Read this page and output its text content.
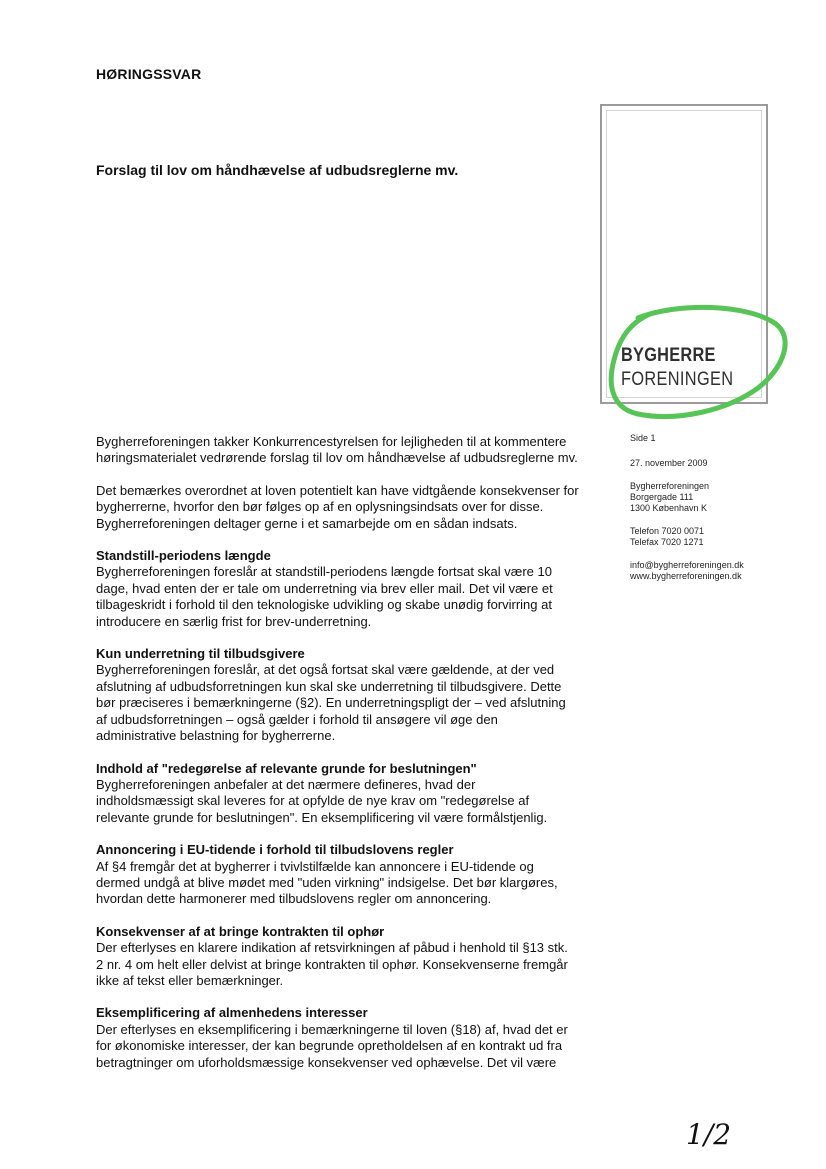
HØRINGSSVAR
Forslag til lov om håndhævelse af udbudsreglerne mv.
BYGHERRE
FORENINGEN
Side 1
27. november 2009
Bygherreforeningen
Borgergade 111
1300 København K
Telefon 7020 0071
Telefax 7020 1271
info@bygherreforeningen.dk
www.bygherreforeningen.dk

Bygherreforeningen takker Konkurrencestyrelsen for lejligheden til at kommentere
høringsmaterialet vedrørende forslag til lov om håndhævelse af udbudsreglerne mv.

Det bemærkes overordnet at loven potentielt kan have vidtgående konsekvenser for
bygherrerne, hvorfor den bør følges op af en oplysningsindsats over for disse.
Bygherreforeningen deltager gerne i et samarbejde om en sådan indsats.

Standstill-periodens længde
Bygherreforeningen foreslår at standstill-periodens længde fortsat skal være 10
dage, hvad enten der er tale om underretning via brev eller mail. Det vil være et
tilbageskridt i forhold til den teknologiske udvikling og skabe unødig forvirring at
introducere en særlig frist for brev-underretning.

Kun underretning til tilbudsgivere
Bygherreforeningen foreslår, at det også fortsat skal være gældende, at der ved
afslutning af udbudsforretningen kun skal ske underretning til tilbudsgivere. Dette
bør præciseres i bemærkningerne (§2). En underretningspligt der – ved afslutning
af udbudsforretningen – også gælder i forhold til ansøgere vil øge den
administrative belastning for bygherrerne.

Indhold af "redegørelse af relevante grunde for beslutningen"
Bygherreforeningen anbefaler at det nærmere defineres, hvad der
indholdsmæssigt skal leveres for at opfylde de nye krav om "redegørelse af
relevante grunde for beslutningen". En eksemplificering vil være formålstjenlig.

Annoncering i EU-tidende i forhold til tilbudslovens regler
Af §4 fremgår det at bygherrer i tvivlstilfælde kan annoncere i EU-tidende og
dermed undgå at blive mødet med "uden virkning" indsigelse. Det bør klargøres,
hvordan dette harmonerer med tilbudslovens regler om annoncering.

Konsekvenser af at bringe kontrakten til ophør
Der efterlyses en klarere indikation af retsvirkningen af påbud i henhold til §13 stk.
2 nr. 4 om helt eller delvist at bringe kontrakten til ophør. Konsekvenserne fremgår
ikke af tekst eller bemærkninger.

Eksemplificering af almenhedens interesser
Der efterlyses en eksemplificering i bemærkningerne til loven (§18) af, hvad det er
for økonomiske interesser, der kan begrunde opretholdelsen af en kontrakt ud fra
betragtninger om uforholdsmæssige konsekvenser ved ophævelse. Det vil være

1/2
